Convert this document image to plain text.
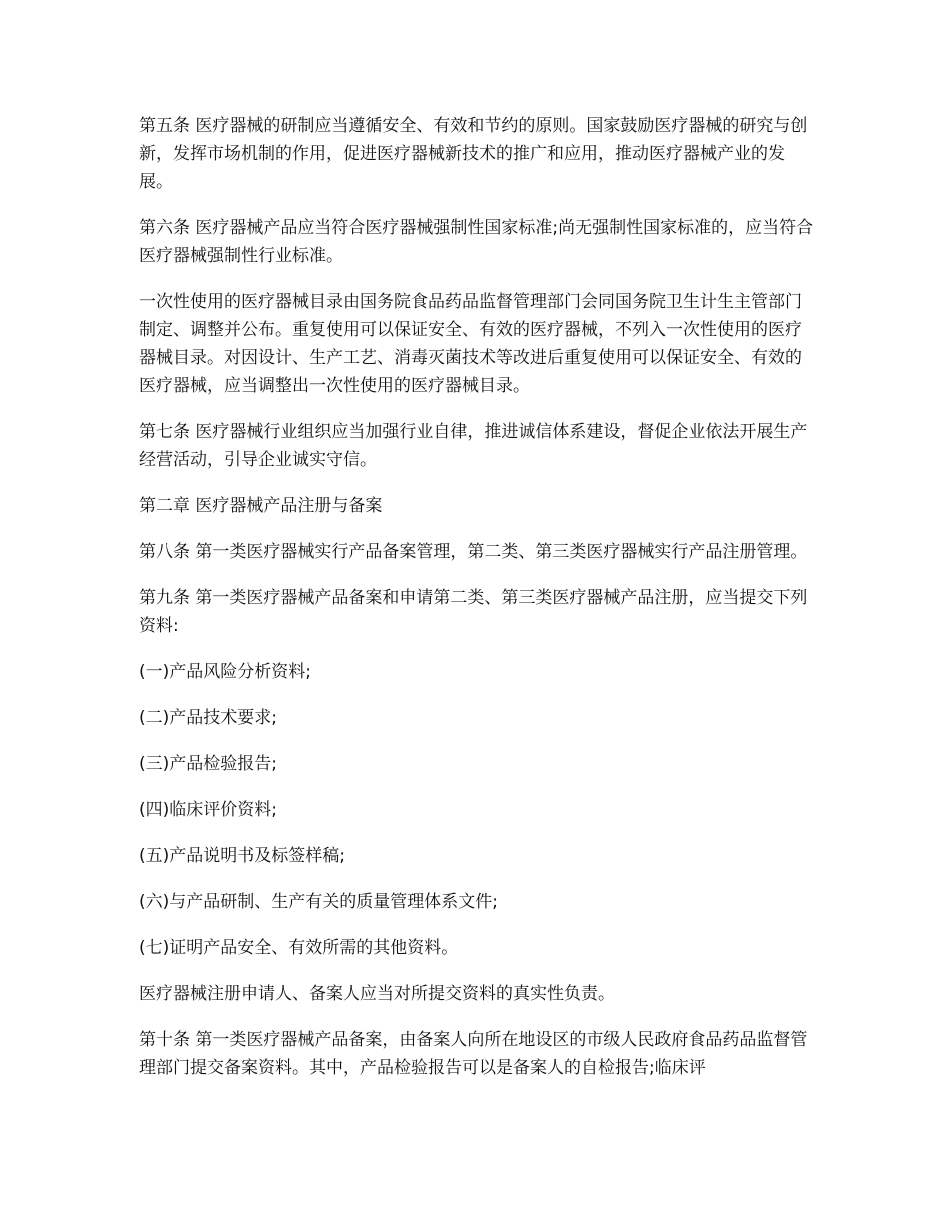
第五条 医疗器械的研制应当遵循安全、有效和节约的原则。国家鼓励医疗器械的研究与创新，发挥市场机制的作用，促进医疗器械新技术的推广和应用，推动医疗器械产业的发展。

第六条 医疗器械产品应当符合医疗器械强制性国家标准;尚无强制性国家标准的，应当符合医疗器械强制性行业标准。

一次性使用的医疗器械目录由国务院食品药品监督管理部门会同国务院卫生计生主管部门制定、调整并公布。重复使用可以保证安全、有效的医疗器械，不列入一次性使用的医疗器械目录。对因设计、生产工艺、消毒灭菌技术等改进后重复使用可以保证安全、有效的医疗器械，应当调整出一次性使用的医疗器械目录。

第七条 医疗器械行业组织应当加强行业自律，推进诚信体系建设，督促企业依法开展生产经营活动，引导企业诚实守信。

第二章 医疗器械产品注册与备案

第八条 第一类医疗器械实行产品备案管理，第二类、第三类医疗器械实行产品注册管理。

第九条 第一类医疗器械产品备案和申请第二类、第三类医疗器械产品注册，应当提交下列资料:

(一)产品风险分析资料;

(二)产品技术要求;

(三)产品检验报告;

(四)临床评价资料;

(五)产品说明书及标签样稿;

(六)与产品研制、生产有关的质量管理体系文件;

(七)证明产品安全、有效所需的其他资料。

医疗器械注册申请人、备案人应当对所提交资料的真实性负责。

第十条 第一类医疗器械产品备案，由备案人向所在地设区的市级人民政府食品药品监督管理部门提交备案资料。其中，产品检验报告可以是备案人的自检报告;临床评
